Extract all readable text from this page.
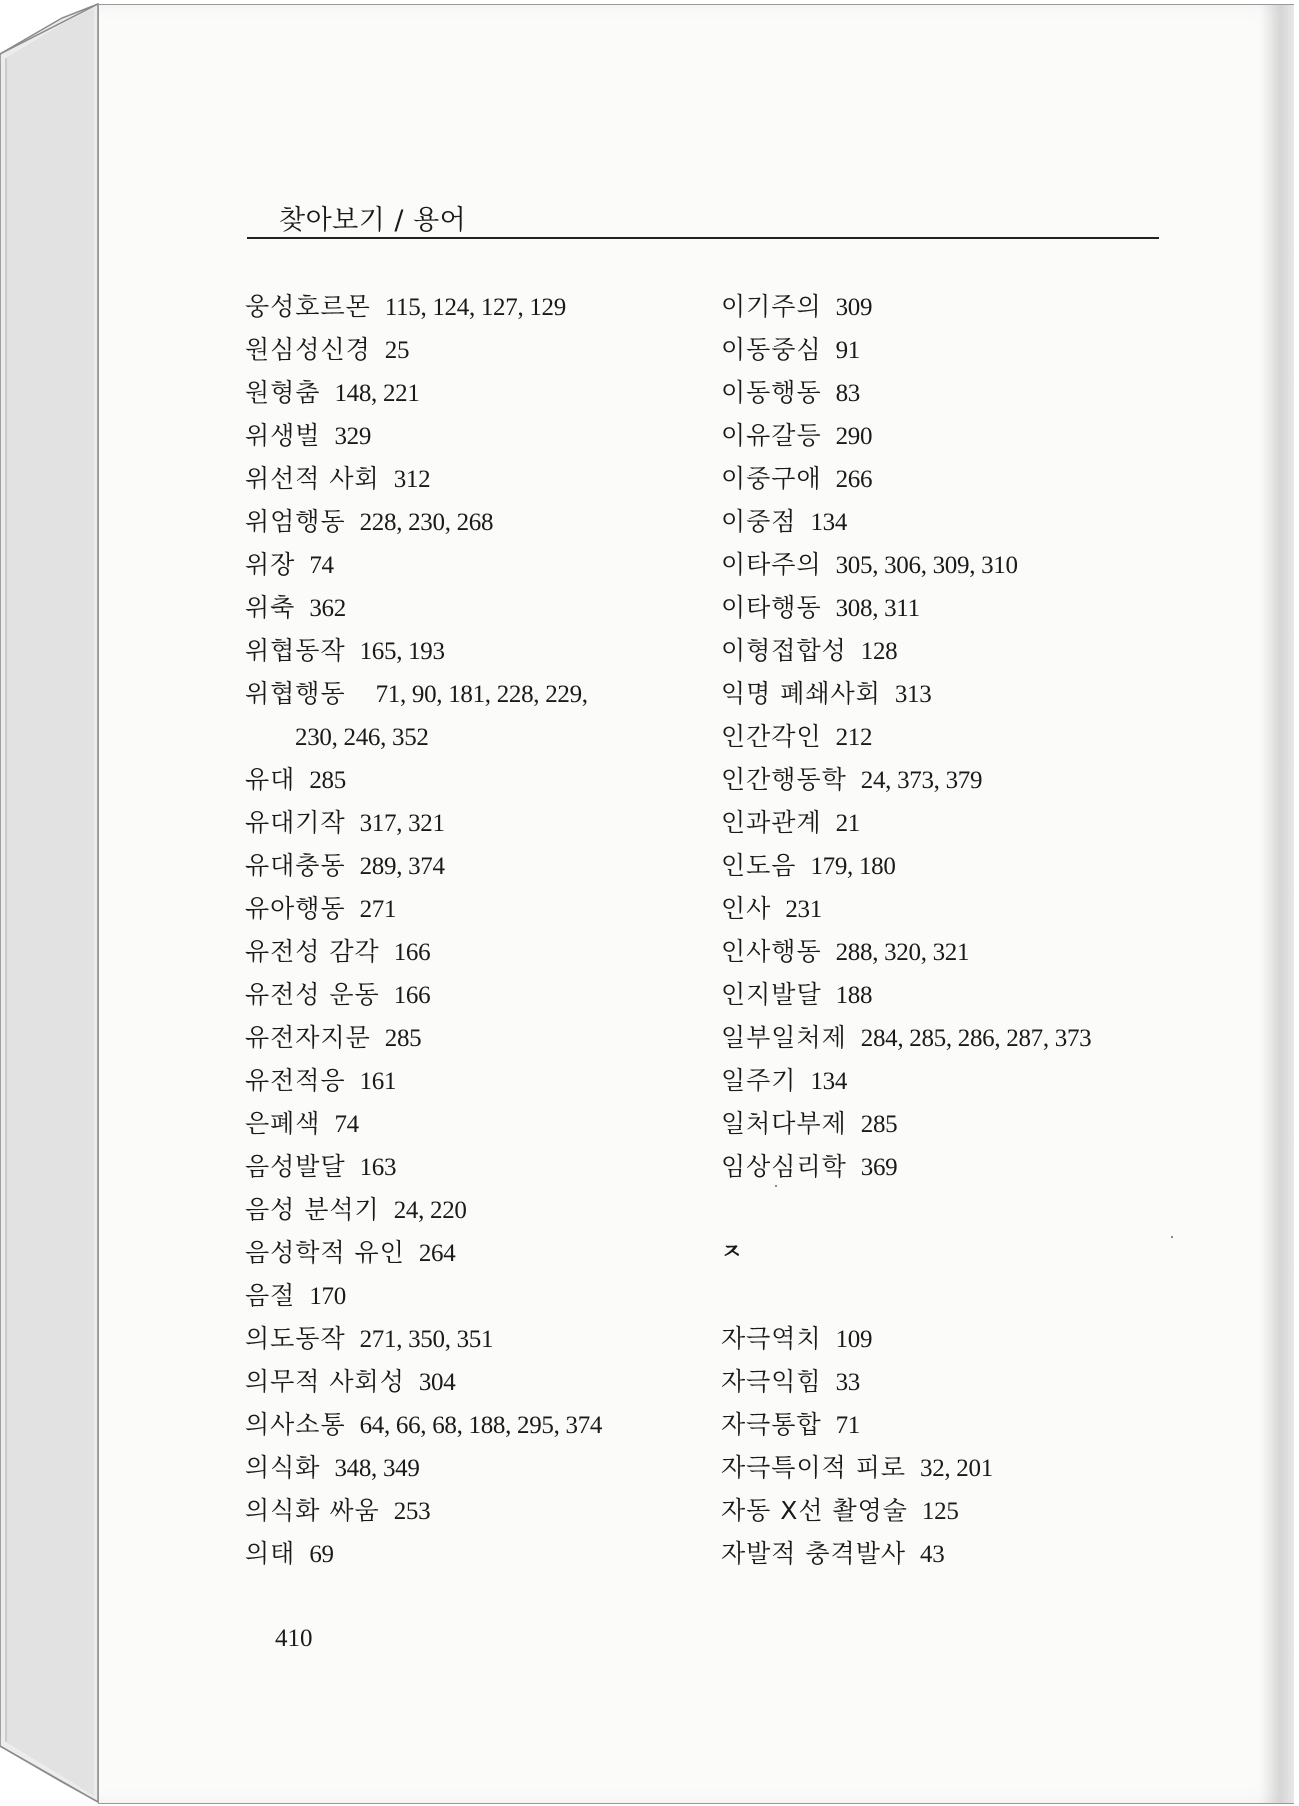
찾아보기 / 용어
웅성호르몬 115, 124, 127, 129
원심성신경 25
원형춤 148, 221
위생벌 329
위선적 사회 312
위엄행동 228, 230, 268
위장 74
위축 362
위협동작 165, 193
위협행동 71, 90, 181, 228, 229,
230, 246, 352
유대 285
유대기작 317, 321
유대충동 289, 374
유아행동 271
유전성 감각 166
유전성 운동 166
유전자지문 285
유전적응 161
은폐색 74
음성발달 163
음성 분석기 24, 220
음성학적 유인 264
음절 170
의도동작 271, 350, 351
의무적 사회성 304
의사소통 64, 66, 68, 188, 295, 374
의식화 348, 349
의식화 싸움 253
의태 69
이기주의 309
이동중심 91
이동행동 83
이유갈등 290
이중구애 266
이중점 134
이타주의 305, 306, 309, 310
이타행동 308, 311
이형접합성 128
익명 폐쇄사회 313
인간각인 212
인간행동학 24, 373, 379
인과관계 21
인도음 179, 180
인사 231
인사행동 288, 320, 321
인지발달 188
일부일처제 284, 285, 286, 287, 373
일주기 134
일처다부제 285
임상심리학 369
ㅈ
자극역치 109
자극익힘 33
자극통합 71
자극특이적 피로 32, 201
자동 X선 촬영술 125
자발적 충격발사 43
410
